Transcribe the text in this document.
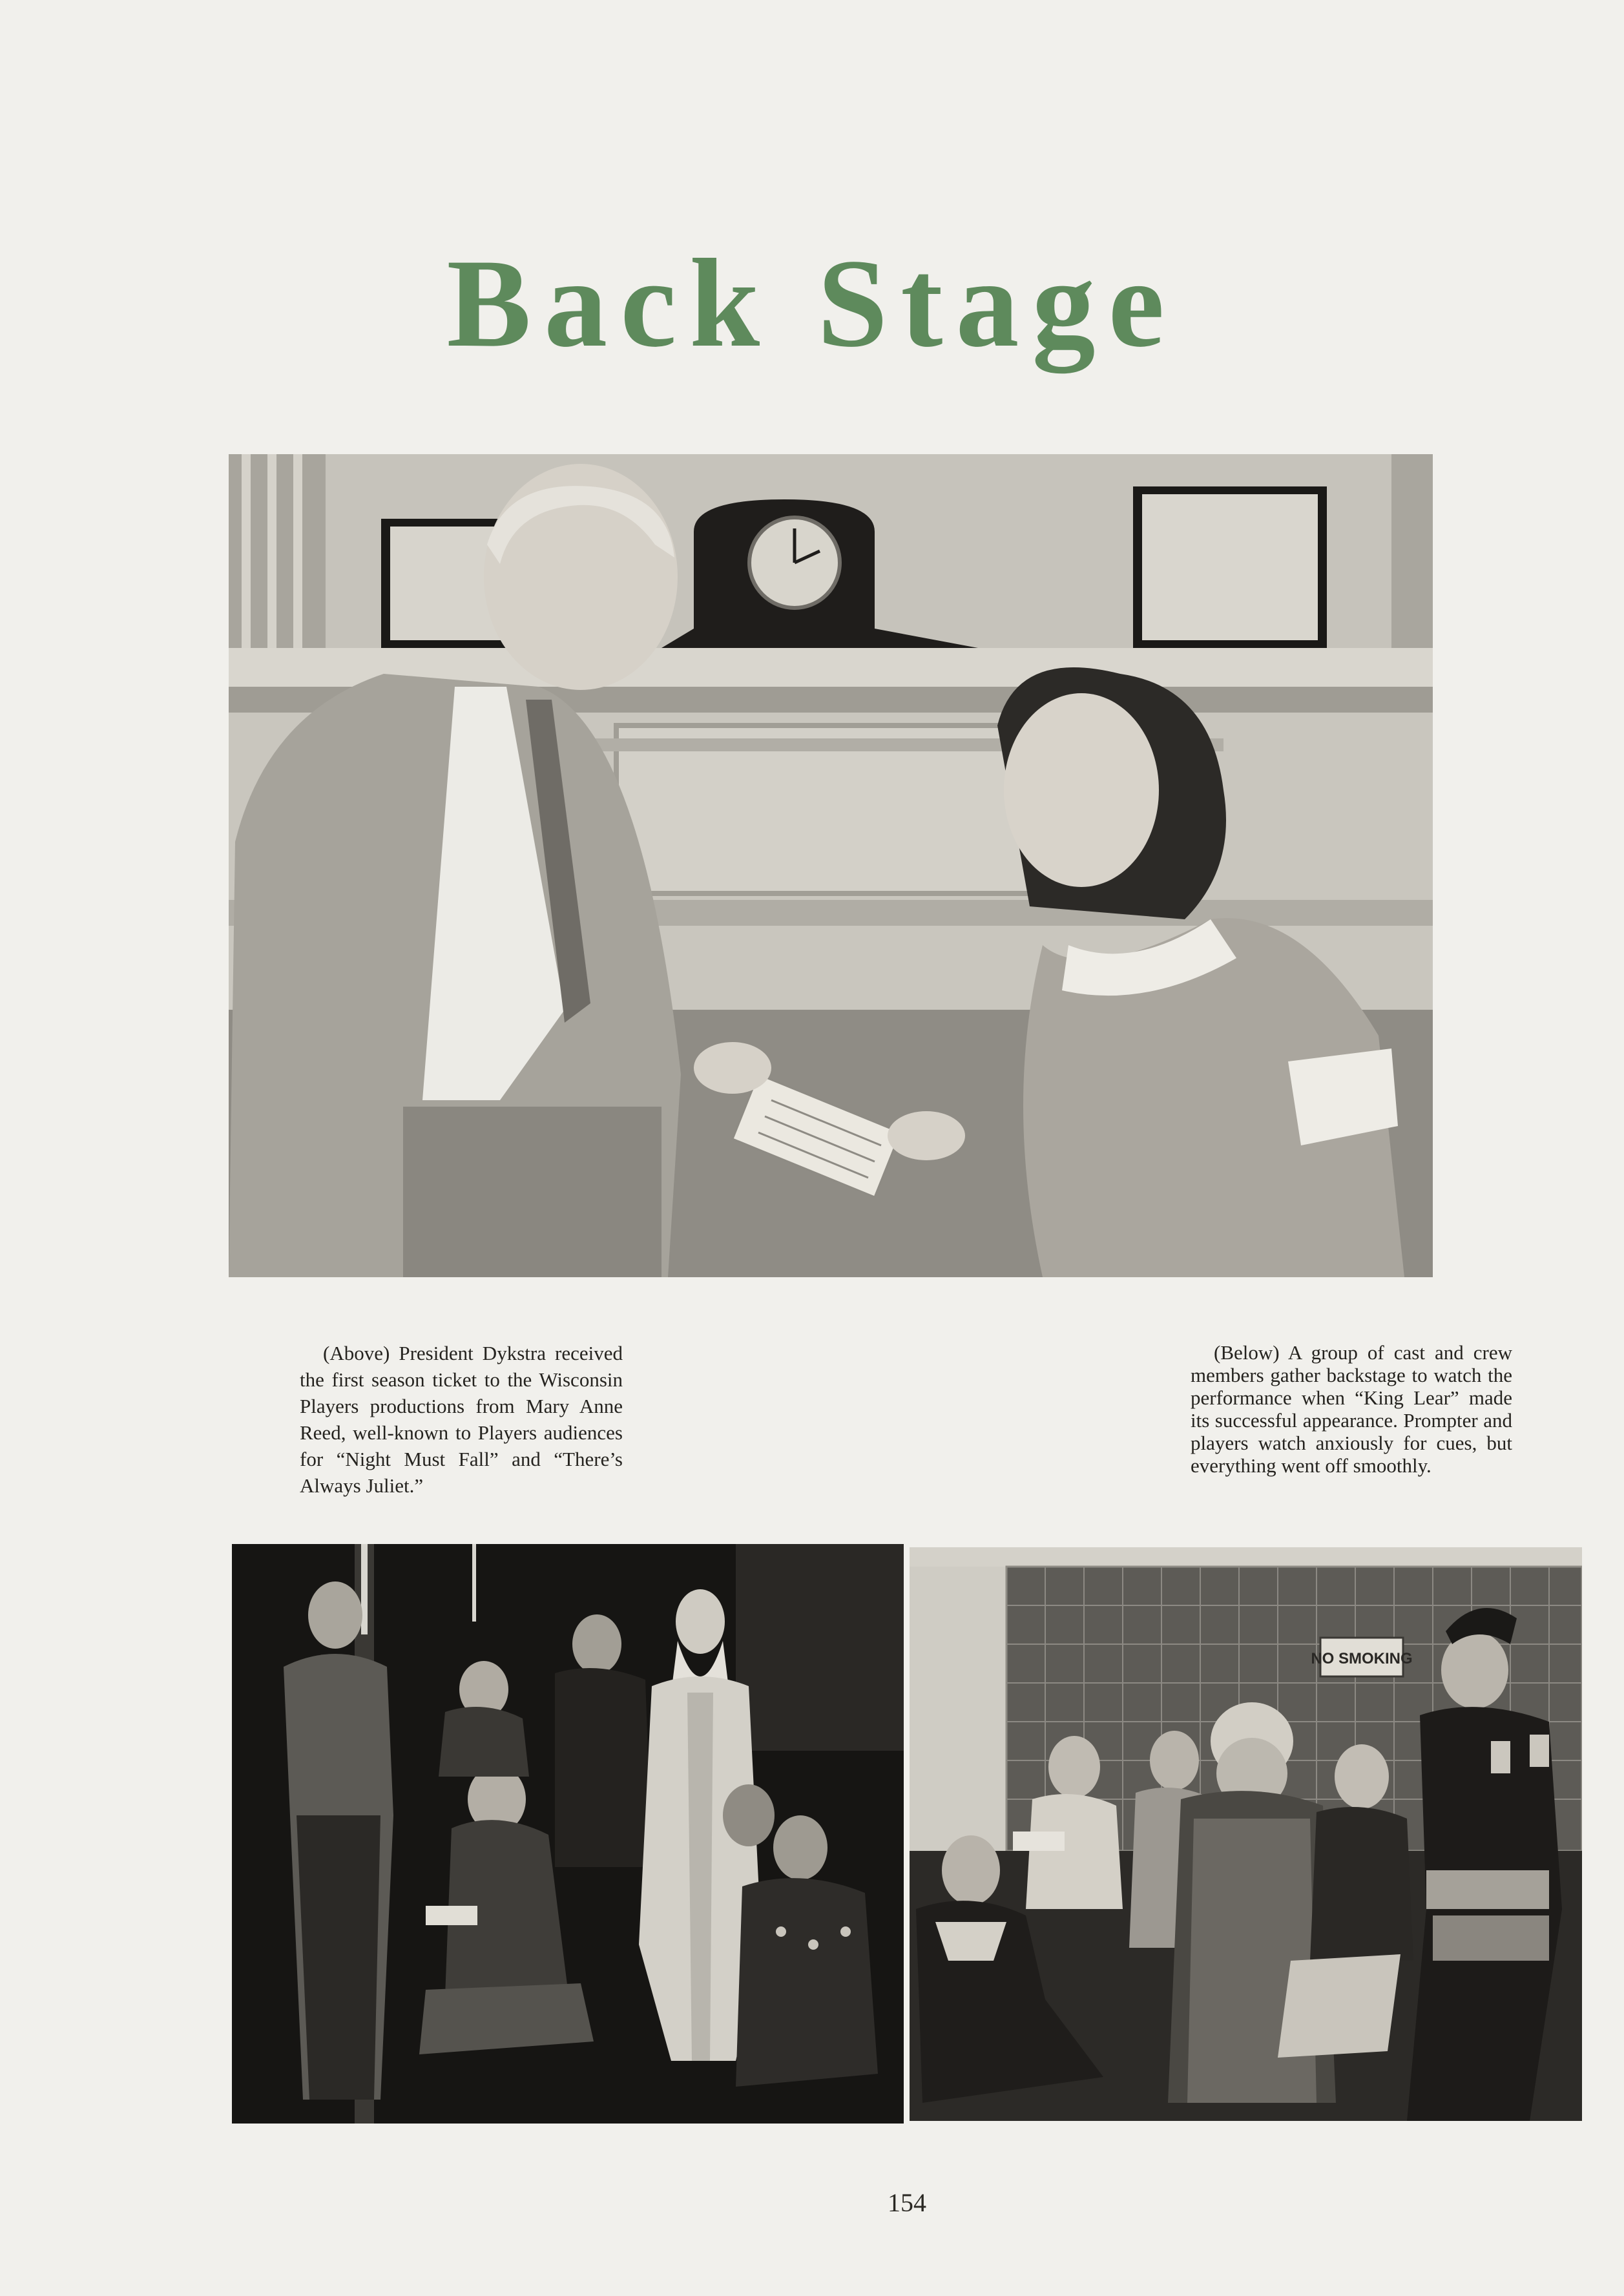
Back Stage

(Above) President Dykstra received the first season ticket to the Wisconsin Players productions from Mary Anne Reed, well-known to Players audiences for “Night Must Fall” and “There’s Always Juliet.”

(Below) A group of cast and crew members gather backstage to watch the performance when “King Lear” made its successful appearance. Prompter and players watch anxiously for cues, but everything went off smoothly.

NO SMOKING
154
